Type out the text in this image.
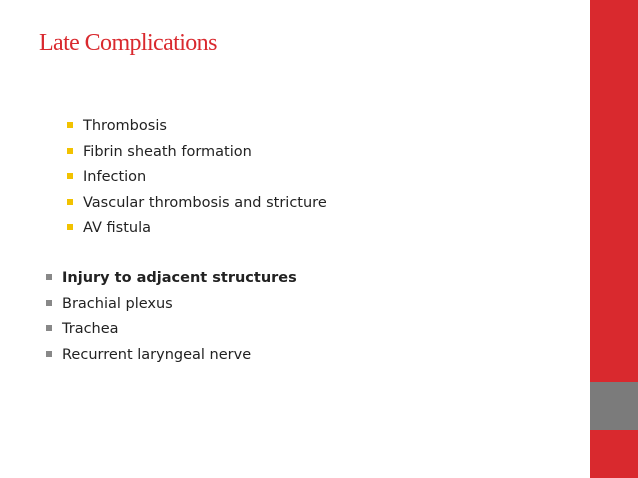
Late Complications
Thrombosis
Fibrin sheath formation
Infection
Vascular thrombosis and stricture
AV fistula
Injury to adjacent structures
Brachial plexus
Trachea
Recurrent laryngeal nerve
